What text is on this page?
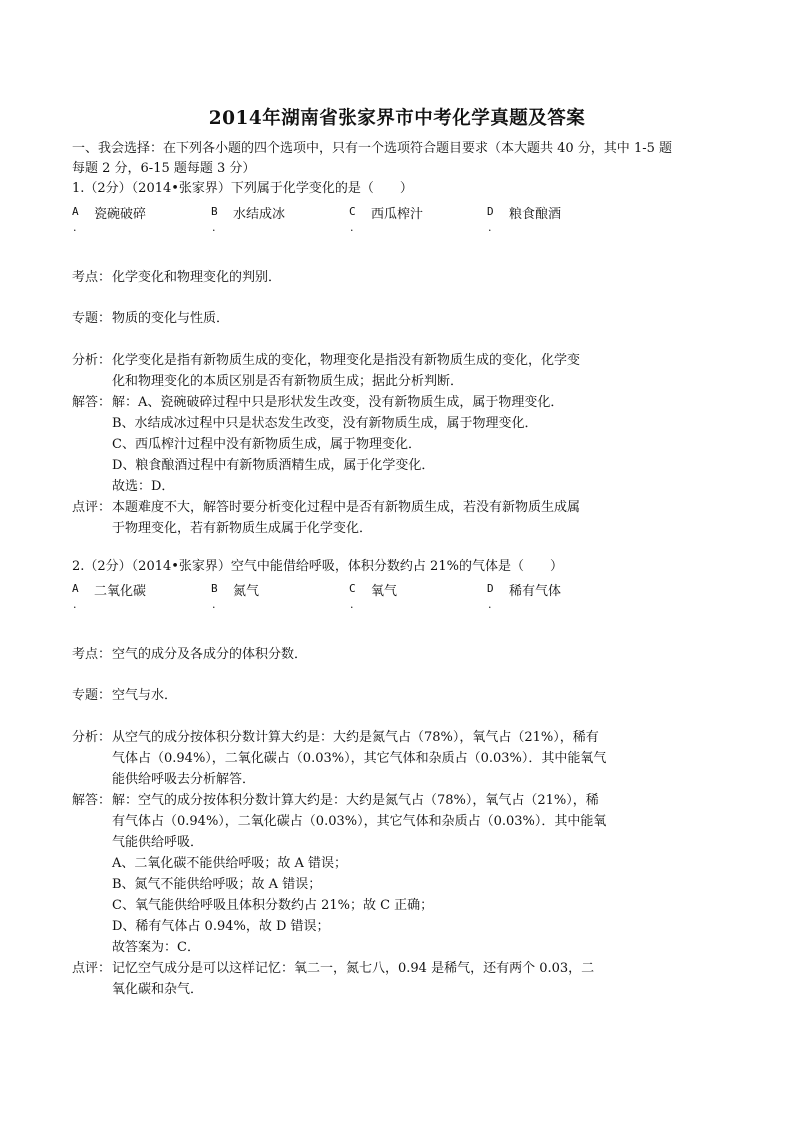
2014年湖南省张家界市中考化学真题及答案
一、我会选择：在下列各小题的四个选项中，只有一个选项符合题目要求（本大题共 40 分，其中 1-5 题
每题 2 分，6-15 题每题 3 分）
1.（2分）（2014•张家界）下列属于化学变化的是（　　）
A
.
瓷碗破碎	B
.
水结成冰	C
.
西瓜榨汁	D
.
粮食酿酒
考点： 化学变化和物理变化的判别．
专题： 物质的变化与性质．
分析： 化学变化是指有新物质生成的变化，物理变化是指没有新物质生成的变化，化学变
化和物理变化的本质区别是否有新物质生成；据此分析判断．
解答： 解：A、瓷碗破碎过程中只是形状发生改变，没有新物质生成，属于物理变化．
B、水结成冰过程中只是状态发生改变，没有新物质生成，属于物理变化．
C、西瓜榨汁过程中没有新物质生成，属于物理变化．
D、粮食酿酒过程中有新物质酒精生成，属于化学变化．
故选：D．
点评： 本题难度不大，解答时要分析变化过程中是否有新物质生成，若没有新物质生成属
于物理变化，若有新物质生成属于化学变化．
2.（2分）（2014•张家界）空气中能借给呼吸，体积分数约占 21%的气体是（　　）
A
.
二氧化碳	B
.
氮气	C
.
氧气	D
.
稀有气体
考点： 空气的成分及各成分的体积分数．
专题： 空气与水．
分析： 从空气的成分按体积分数计算大约是：大约是氮气占（78%），氧气占（21%），稀有
气体占（0.94%），二氧化碳占（0.03%），其它气体和杂质占（0.03%）．其中能氧气
能供给呼吸去分析解答．
解答： 解：空气的成分按体积分数计算大约是：大约是氮气占（78%），氧气占（21%），稀
有气体占（0.94%），二氧化碳占（0.03%），其它气体和杂质占（0.03%）．其中能氧
气能供给呼吸．
A、二氧化碳不能供给呼吸；故 A 错误；
B、氮气不能供给呼吸；故 A 错误；
C、氧气能供给呼吸且体积分数约占 21%；故 C 正确；
D、稀有气体占 0.94%，故 D 错误；
故答案为：C．
点评： 记忆空气成分是可以这样记忆：氧二一，氮七八，0.94 是稀气，还有两个 0.03，二
氧化碳和杂气．
